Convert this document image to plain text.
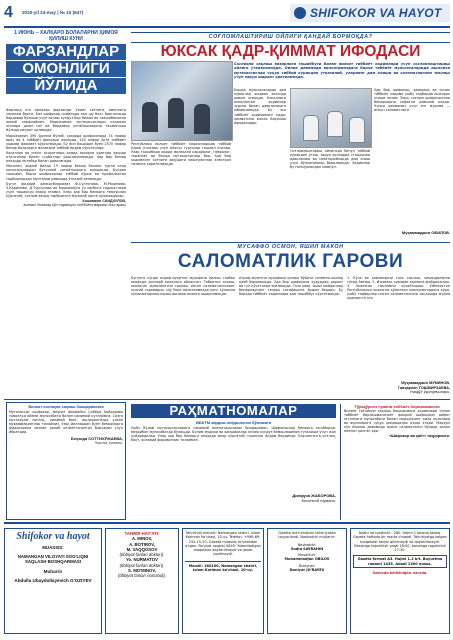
4	2020-yil 24-may | № 10 (647)	SHIFOKOR VA HAYOT
1 ИЮНЬ – ХАЛҚАРО БОЛАЛАРНИ ҲИМОЯ ҚИЛИШ КУНИ
ФАРЗАНДЛАР
ОМОНЛИГИ
ЙЎЛИДА

Фарзанд эта оилалар фарзанди. Унинг соғлиги, омонлиги чинакам бахти. Биз шифокор сифатида ана шу бахт биргаликда бардавор бўлиши учун кечаю кундуз бор билим ва тажрибамизни аямай сарфлаймиз. Марказимиз мутахассислари келажак эгалари доим соғ ва бардавор улғайишларини таъминлаш йўлида меҳнат қилмоқда.

Марказимиз 395 ўринли бўлиб, ҳозирда шифохонада 74 нафар врач ва 4 тиббиёт фанлари номзоди, 150 нафар ўрта тиббиёт ходими фаолият кўрсатмоқда. Бу йил бошидан буён 2570 нафар бемор болаларга малакали тиббий ёрдам кўрсатилди.

Касаллик ва унинг асоратлари ҳамда зарарли одатлар ҳақида ота-оналар билан суҳбатлар уюштирилмоқда. Ҳар бир бемор алоҳида эътибор билан даволанади.

Масалан, жорий йилда 19 нафар бемор болани турли оғир касалликлардан бутунлай соғайтиришга эришилди. Бундан ташқари, барча шифокорлар тиббий кўрик ва профилактик тадбирлардан мунтазам равишда ўтказиб келмоқда.

Бугун фидоий ҳамкасбларимиз Ф.Султонова, М.Раҳимова, З.Каримова, Д.Турсунова ва бошқаларга ўз касбига садоқатлари учун ташаккур изҳор этамиз. Улар ҳар бир беморга ғамхўрлик кўрсатиб, соғлом авлод тарбиясига муносиб ҳисса қўшмоқдалар.

Хошимжон САИДХУЛОВ,
вилоят болалар кўп тармоқли тиббиёт маркази бош врачи
СОҒЛОМЛАШТИРИШ ОЙЛИГИ ҚАНДАЙ БОРМОҚДА?
ЮКСАК ҚАДР-ҚИММАТ ИФОДАСИ
Соғлиқни сақлаш вазирлиги ташаббуси билан вилоят тиббиёт ходимлари учун соғломлаштириш ойлиги ўтказилмоқда. Ойлик давомида вилоятимиздаги барча тиббиёт муассасаларида ишловчи мутахассислар чуқур тиббий кўрикдан ўтказилиб, уларнинг дам олиши ва саломатлигини тиклаш учун зарур шароит яратилмоқда.
Республика вилоят тиббиёт марказларида тиббий кўрик ўтказиш учун махсус гуруҳлар ташкил этилди. Улар таркибида юқори малакали кардиолог, невролог, терапевт ва бошқа мутахассислар бор. Ҳар бир ходимнинг соғлиғи ҳақидаги маълумотлар электрон тизимга киритилмоқда.
Бошқа муассасаларда ҳам кўриклар жадвал асосида давом этмоқда. Касаллиги аниқланган ходимлар зудлик билан даволанишга юборилмоқда. Бу эса тиббиёт ходимининг қадр-қимматини юксак баҳолаш ифодасидир.
Соғломлаштириш ойлигида бепул тиббий кўрикдан ўтиш, зарур ҳолларда стационар даволаниш ва санаторийларда дам олиш учун йўлланмалар берилмоқда. Ходимлар бу ғамхўрликдан мамнун.
Ҳар бир шифокор, ҳамшира ва кичик тиббиёт ходими ушбу тадбирда иштирок этиши лозим. Зеро, соғлом шифокоргина беморларни сифатли даволай олади. Чунки ҳаммамиз учун энг муҳими — инсон саломатлиги.
Муҳаммаджон ОБИЛОВ.
МУСАФФО ОСМОН, ЯШИЛ МАКОН
САЛОМАТЛИК ГАРОВИ
Бугунги кунда атроф-муҳитни муҳофаза қилиш глобал миқёсда долзарб масалага айланган. Табиатни асраш, экологик мувозанатни сақлаш инсон саломатлигининг асосий гаровидир. Шу боис вилоятимизда кенг кўламли кўкаламзорлаштириш ишлари амалга оширилмоқда.
Атроф-муҳитни муҳофаза қилиш бўйича тизимли ишлар олиб борилмоқда. Ҳар бир шифохона ҳудудида дарахт ва гул кўчатлари экилмоқда. Тоза ҳаво, яшил майдонлар беморларнинг тезроқ соғайишига ёрдам беради. Бу борада тиббиёт ходимлари ҳам ташаббус кўрсатмоқда.
1. Кўча ва ҳовлиларни тоза сақлаш, чиқиндиларни тўғри йиғиш. 2. Ичимлик сувидан оқилона фойдаланиш. 3. Экологик таълимни кучайтириш. Ўзбекистон Республикаси экология қўмитаси маълумотларига кўра, ушбу тадбирлар инсон саломатлигини сақлашда муҳим аҳамиятга эга.
Муҳаммаджон МУМИНОВ,
Гавҳархон ТОШМИРЗАЕВА,
НамДУ ўқитувчилари.
Вилоят соғлиқни сақлаш бошқармасига
Мутахассис шифокор, меҳнат фахрийси Сайёра Ҳайдарова таваллуд айёми муносабати билан самимий қутлаймиз. Сизга мустаҳкам соғлиқ, оилавий бахт, ишларингизда улкан муваффақиятлар тилаймиз. Узоқ йиллардан буён беморларга фидокорона хизмат қилиб келаётганингиз барчамиз учун ибратдир.
Беҳзода СОТТИХЎЖАЕВА,
Чортоқ туманы.
РАҲМАТНОМАЛАР
ВБКТМ кардио-нефрология бўлимига
Ушбу бўлим мутахассисларига самимий миннатдорчилик билдираман. Шифокорлар беморга эътиборли, меҳрибон муносабатда бўлишди. Бўлим мудири ва ҳамширалар кечаю кундуз беморларимиз тузалиши учун жон куйдирдилар. Улар ҳар бир беморга алоҳида меҳр кўрсатиб, ишончли ёрдам бердилар. Барчангизга соғлиқ, бахт, оилавий фаровонлик тилайман.
Дилфуза ЖАБОРОВА,
Косонсой тумани.
Тўрақўрғон тумани тиббиёт бирлашмасига
Вилоят соғлиқни сақлаш бошқармаси ходимлари туман тиббиёт бирлашмасининг фахрий шифокори вафот этганлиги муносабати билан марҳумнинг оила аъзолари ва яқинларига чуқур ҳамдардлик изҳор этади. Марҳум кўп йиллар давомида аҳоли саломатлиги йўлида ҳалол меҳнат қилган эди.
«Шифокор ва ҳаёт» таҳририяти.
Shifokor va hayot
MUASSIS:
NAMANGAN VILOYATI SOG'LIQNI SAQLASH BOSHQARMASI
Muharrir
Abdulla Ubaydullayevich G'OZIYEV
TAHRIR HAY'ATI:
A. MINOV,
A. BOTIROV,
M. VAQQOSOV
(tibbiyot fanlari doktori).
Yo. NURMATOV
(tibbiyot fanlari doktori).
S. MO'MINOV,
(tibbiyot fanlari nomzodi).
Tahririyat manzili: Namangan shahri, Islom Karimov ko'chasi, 10-uy. Telefon: +998-69-234-15-20. Gazeta muassis ro'yxatidan o'tgan. Ro'yxat raqami 0645. Yuboriladigan maqolalar qaytarilmaydi va javob yozilmaydi.
Manzil: 160100, Namangan shahri, Islom Karimov ko'chasi, 10-uy.
Gazeta ma'lumotlari tahririyatda tayyorlandi. Navbatchi muharrir:
Navbatchi:
Sodiq SAYRAHIN
Musahhih:
Muhammadjon OBILOV
Dizayner:
Doniyor JO'RAYEV
Nashr ko'rsatkichi - 260. Hajmi 1 bosma taboq. Gazeta haftada bir marta chiqadi. Tahririyatga kelgan maqolalar taqriz qilinmaydi va qaytarilmaydi. Bosishga topshirish vaqti 18:00, bosishga topshirildi 17:30.
Gazeta format A3. Hajmi 1.2 b/t. Buyurtma raqami 1435. Adadi 1300 nusxa.
Sotuvda kelishilgan narxda.
